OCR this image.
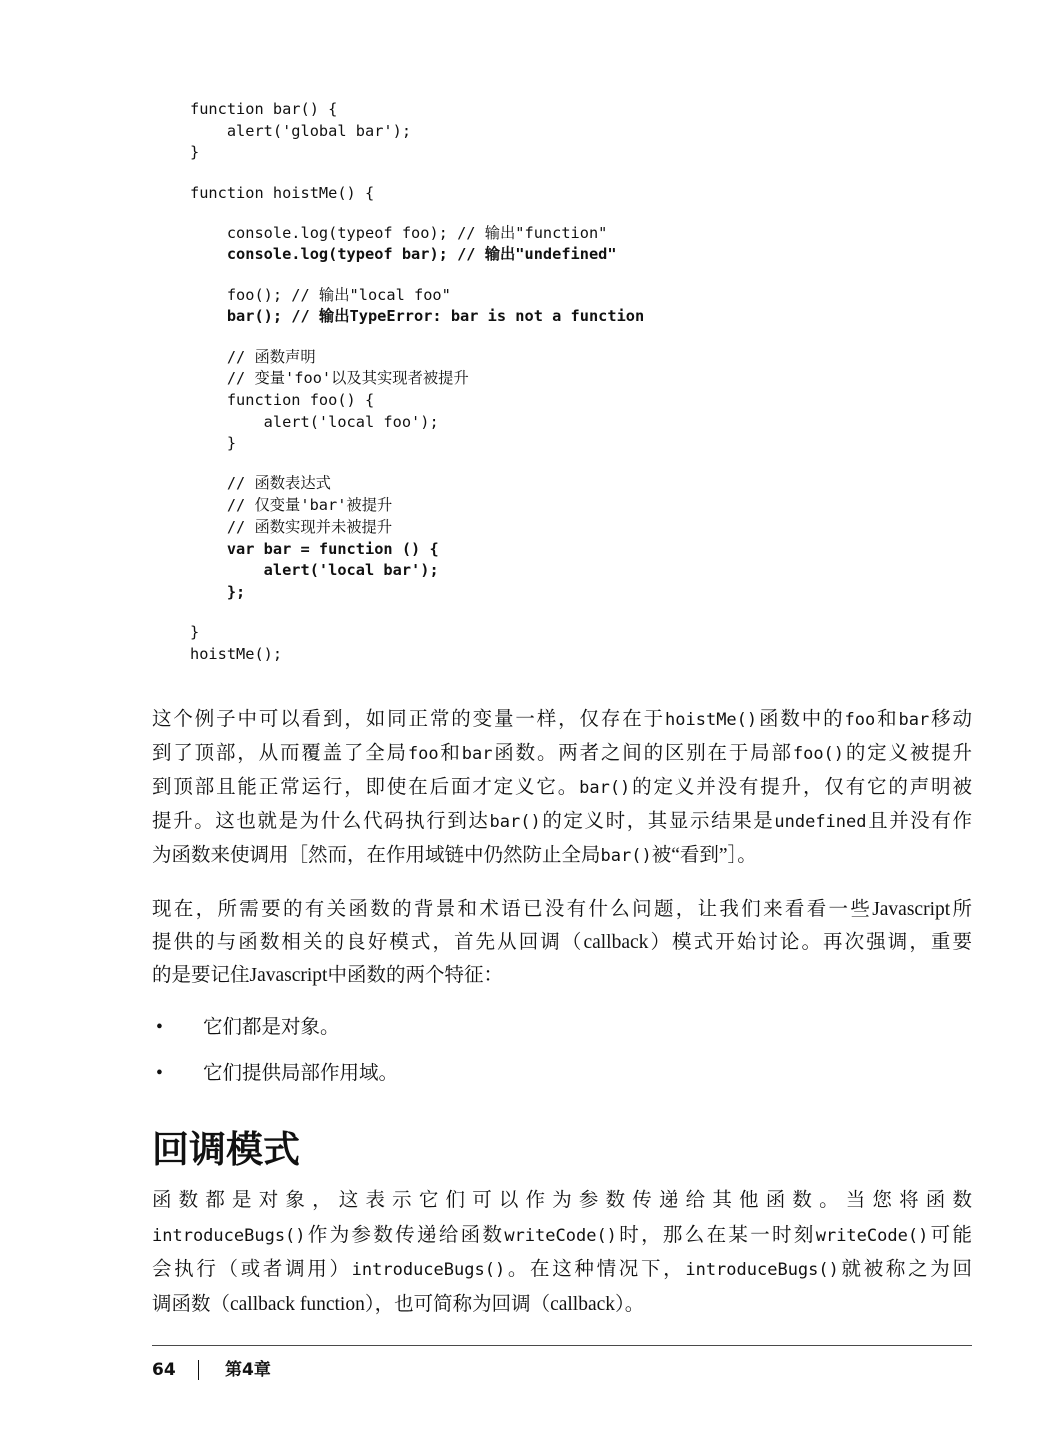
function bar() {
alert('global bar');
}
function hoistMe() {
console.log(typeof foo); // 输出"function"
console.log(typeof bar); // 输出"undefined"
foo(); // 输出"local foo"
bar(); // 输出TypeError: bar is not a function
// 函数声明
// 变量'foo'以及其实现者被提升
function foo() {
alert('local foo');
}
// 函数表达式
// 仅变量'bar'被提升
// 函数实现并未被提升
var bar = function () {
alert('local bar');
};
}
hoistMe();
这个例子中可以看到，如同正常的变量一样，仅存在于hoistMe()函数中的foo和bar移动
到了顶部，从而覆盖了全局foo和bar函数。两者之间的区别在于局部foo()的定义被提升
到顶部且能正常运行，即使在后面才定义它。bar()的定义并没有提升，仅有它的声明被
提升。这也就是为什么代码执行到达bar()的定义时，其显示结果是undefined且并没有作
为函数来使调用［然而，在作用域链中仍然防止全局bar()被“看到”］。
现在，所需要的有关函数的背景和术语已没有什么问题，让我们来看看一些Javascript所
提供的与函数相关的良好模式，首先从回调（callback）模式开始讨论。再次强调，重要
的是要记住Javascript中函数的两个特征：
• 它们都是对象。
• 它们提供局部作用域。
回调模式
函数都是对象，这表示它们可以作为参数传递给其他函数。当您将函数
introduceBugs()作为参数传递给函数writeCode()时，那么在某一时刻writeCode()可能
会执行（或者调用）introduceBugs()。在这种情况下，introduceBugs()就被称之为回
调函数（callback function），也可简称为回调（callback）。
64	第4章
